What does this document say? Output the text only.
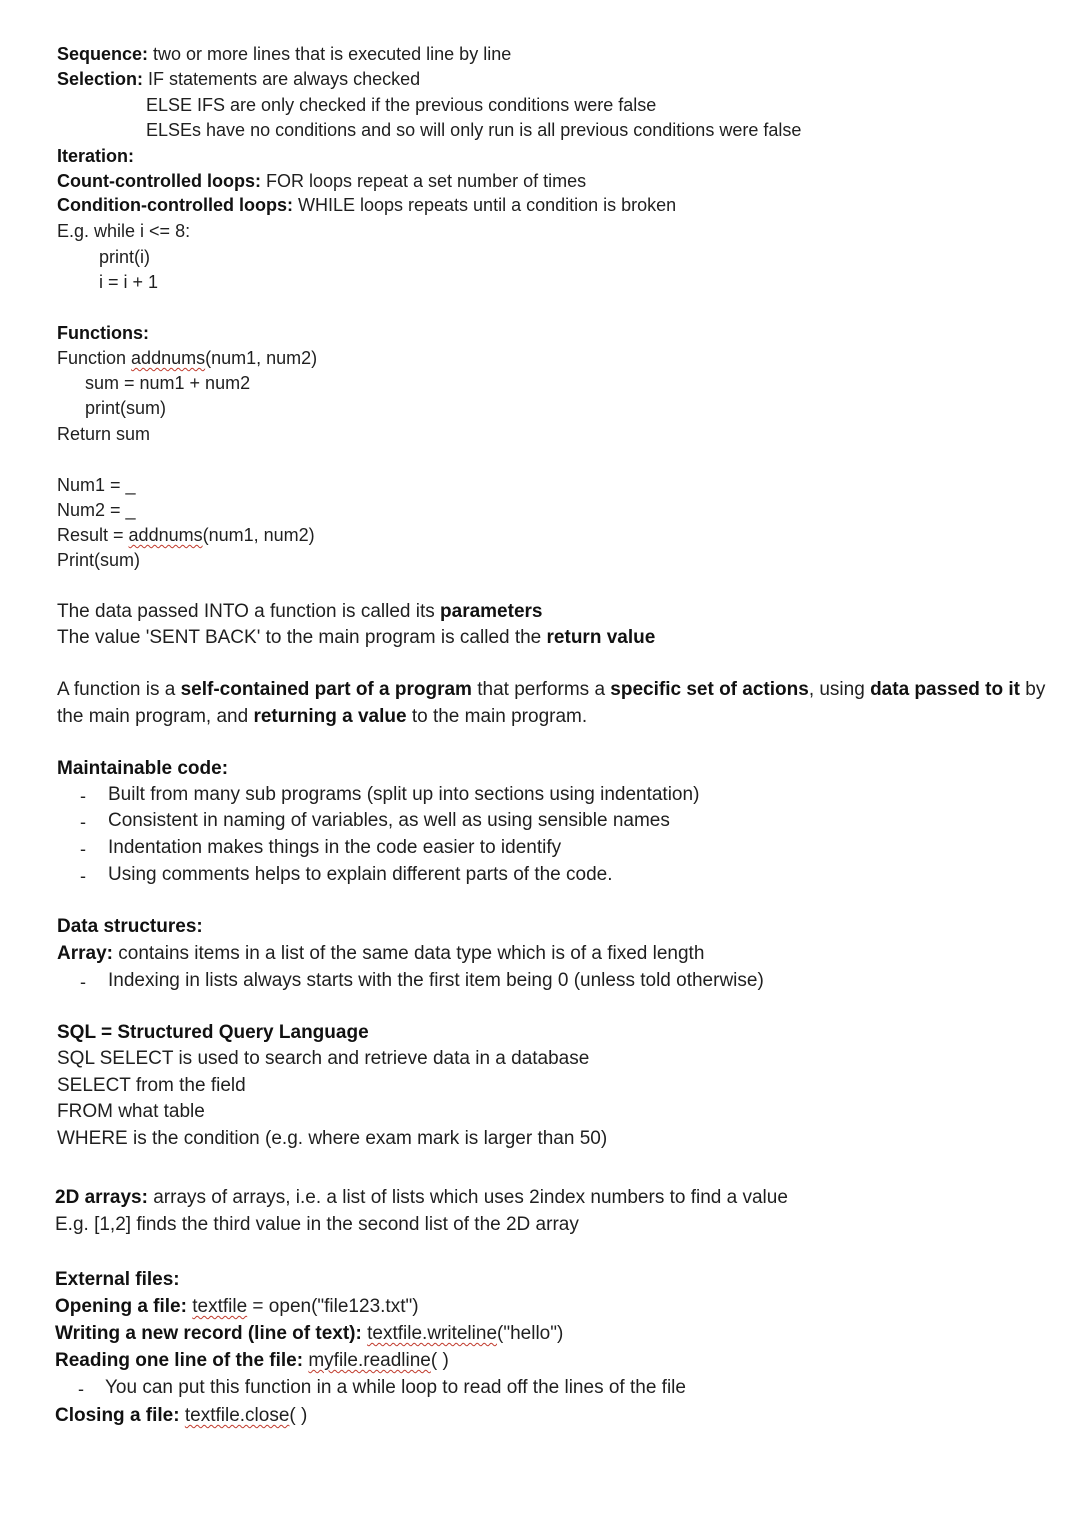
Sequence: two or more lines that is executed line by line
Selection: IF statements are always checked
ELSE IFS are only checked if the previous conditions were false
ELSEs have no conditions and so will only run is all previous conditions were false
Iteration:
Count-controlled loops: FOR loops repeat a set number of times
Condition-controlled loops: WHILE loops repeats until a condition is broken
E.g. while i <= 8:
print(i)
i = i + 1
Functions:
Function addnums(num1, num2)
sum = num1 + num2
print(sum)
Return sum
Num1 = _
Num2 = _
Result = addnums(num1, num2)
Print(sum)
The data passed INTO a function is called its parameters
The value 'SENT BACK' to the main program is called the return value
A function is a self-contained part of a program that performs a specific set of actions, using data passed to it by the main program, and returning a value to the main program.
Maintainable code:
- Built from many sub programs (split up into sections using indentation)
- Consistent in naming of variables, as well as using sensible names
- Indentation makes things in the code easier to identify
- Using comments helps to explain different parts of the code.
Data structures:
Array: contains items in a list of the same data type which is of a fixed length
- Indexing in lists always starts with the first item being 0 (unless told otherwise)
SQL = Structured Query Language
SQL SELECT is used to search and retrieve data in a database
SELECT from the field
FROM what table
WHERE is the condition (e.g. where exam mark is larger than 50)
2D arrays: arrays of arrays, i.e. a list of lists which uses 2index numbers to find a value
E.g. [1,2] finds the third value in the second list of the 2D array
External files:
Opening a file: textfile = open("file123.txt")
Writing a new record (line of text): textfile.writeline("hello")
Reading one line of the file: myfile.readline( )
- You can put this function in a while loop to read off the lines of the file
Closing a file: textfile.close( )
